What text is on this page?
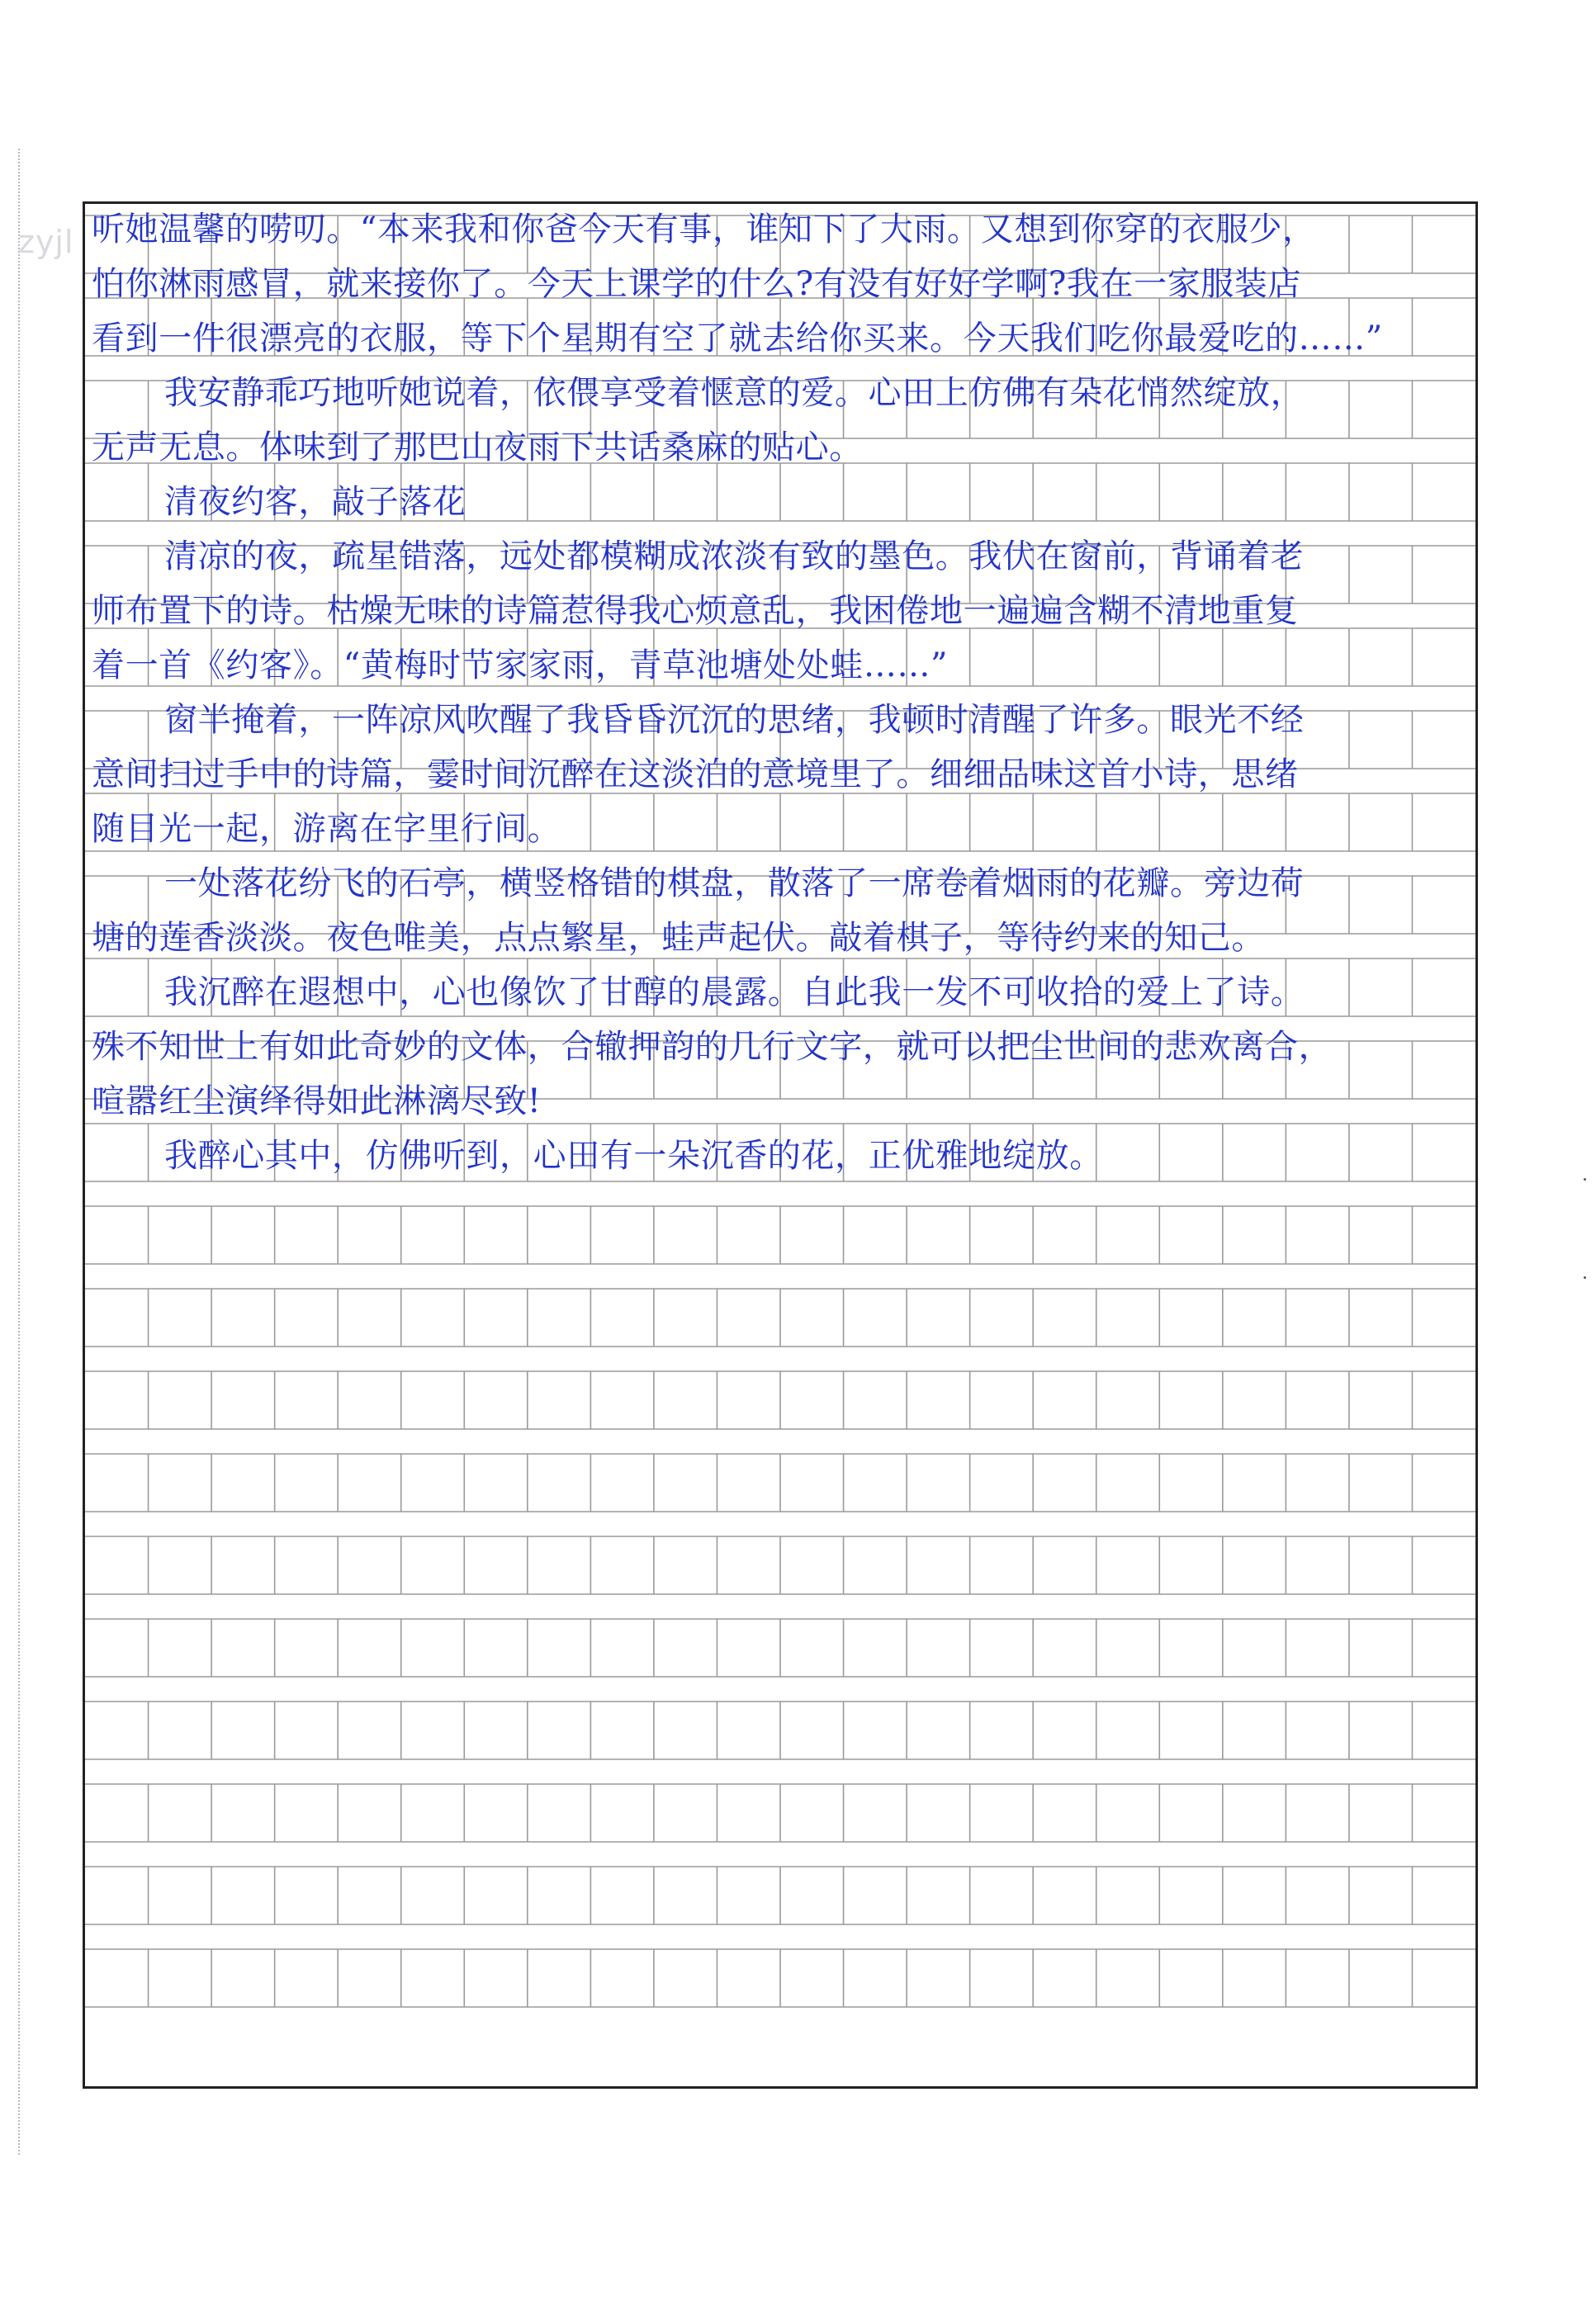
zyjl 听她温馨的唠叨。“本来我和你爸今天有事，谁知下了大雨。又想到你穿的衣服少，
怕你淋雨感冒，就来接你了。今天上课学的什么?有没有好好学啊?我在一家服装店
看到一件很漂亮的衣服，等下个星期有空了就去给你买来。今天我们吃你最爱吃的……”
我安静乖巧地听她说着，依偎享受着惬意的爱。心田上仿佛有朵花悄然绽放，
无声无息。体味到了那巴山夜雨下共话桑麻的贴心。
清夜约客，敲子落花
清凉的夜，疏星错落，远处都模糊成浓淡有致的墨色。我伏在窗前，背诵着老
师布置下的诗。枯燥无味的诗篇惹得我心烦意乱，我困倦地一遍遍含糊不清地重复
着一首《约客》。“黄梅时节家家雨，青草池塘处处蛙……”
窗半掩着，一阵凉风吹醒了我昏昏沉沉的思绪，我顿时清醒了许多。眼光不经
意间扫过手中的诗篇，霎时间沉醉在这淡泊的意境里了。细细品味这首小诗，思绪
随目光一起，游离在字里行间。
一处落花纷飞的石亭，横竖格错的棋盘，散落了一席卷着烟雨的花瓣。旁边荷
塘的莲香淡淡。夜色唯美，点点繁星，蛙声起伏。敲着棋子，等待约来的知己。
我沉醉在遐想中，心也像饮了甘醇的晨露。自此我一发不可收拾的爱上了诗。
殊不知世上有如此奇妙的文体，合辙押韵的几行文字，就可以把尘世间的悲欢离合，
喧嚣红尘演绎得如此淋漓尽致!
我醉心其中，仿佛听到，心田有一朵沉香的花，正优雅地绽放。
